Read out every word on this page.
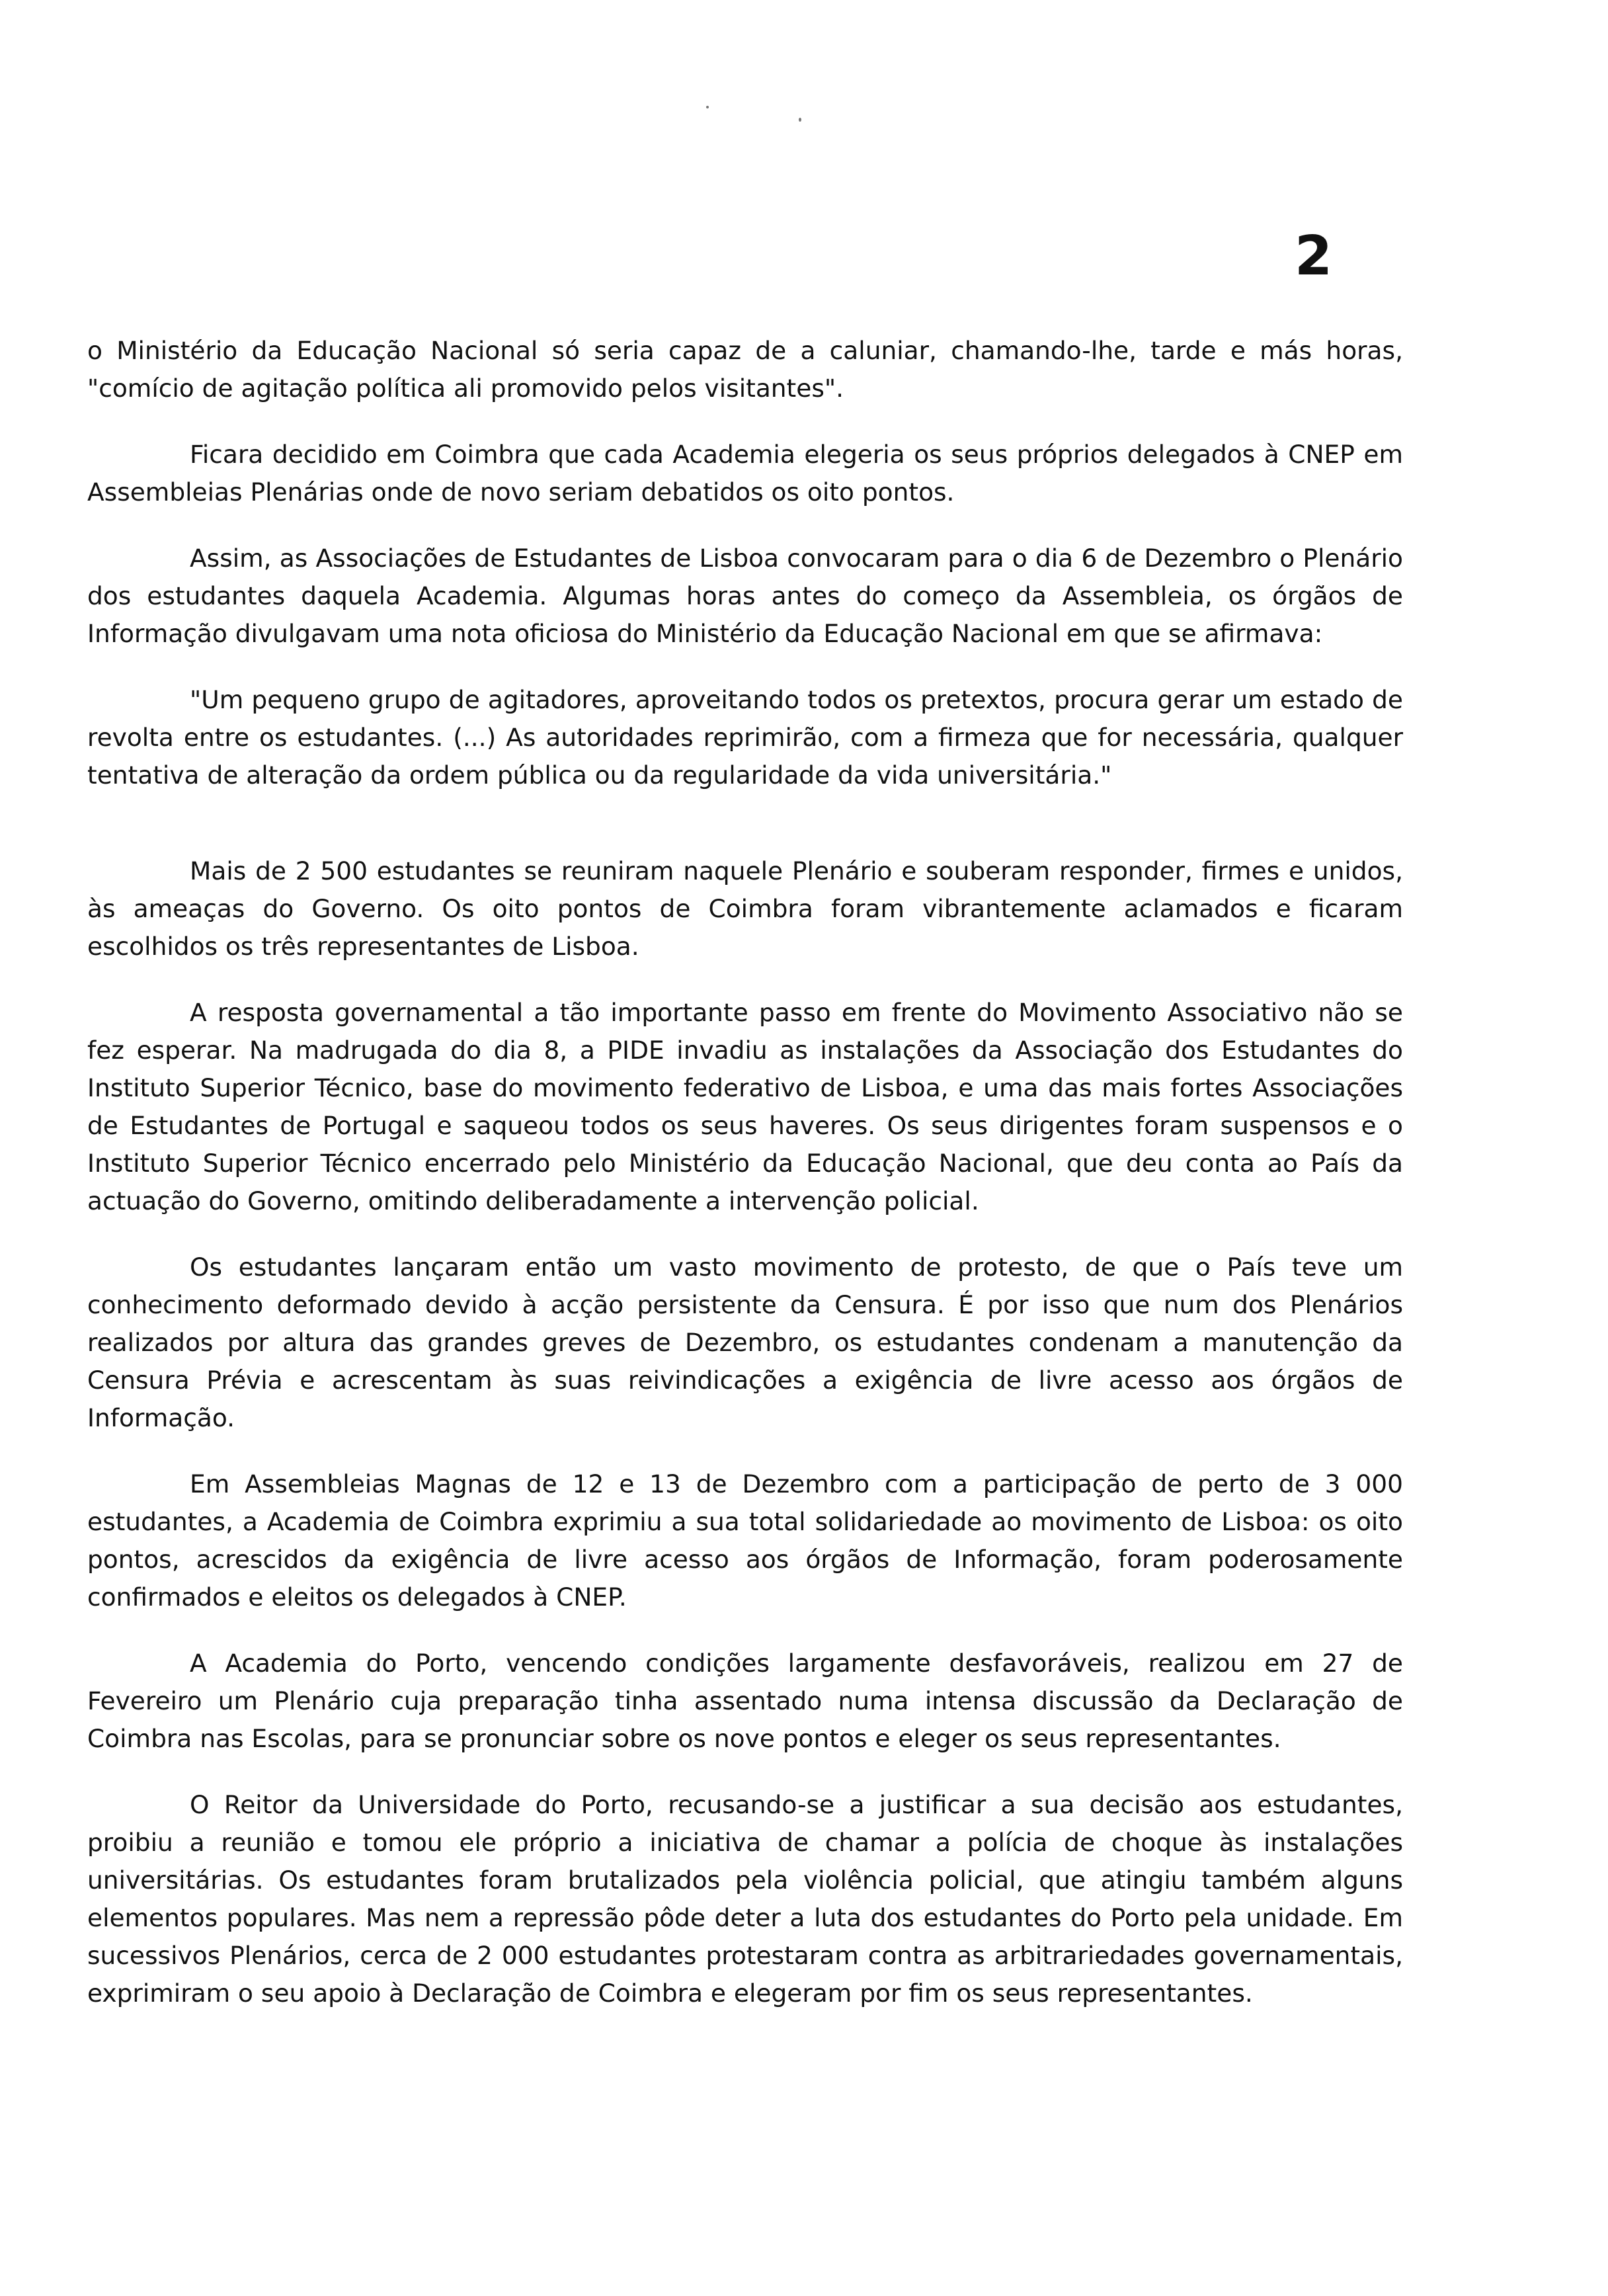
2

o Ministério da Educação Nacional só seria capaz de a caluniar, chamando-lhe, tarde e más horas, "comício de agitação política ali promovido pelos visitantes".

Ficara decidido em Coimbra que cada Academia elegeria os seus próprios delegados à CNEP em Assembleias Plenárias onde de novo seriam debatidos os oito pontos.

Assim, as Associações de Estudantes de Lisboa convocaram para o dia 6 de Dezembro o Plenário dos estudantes daquela Academia. Algumas horas antes do começo da Assembleia, os órgãos de Informação divulgavam uma nota oficiosa do Ministério da Educação Nacional em que se afirmava:

"Um pequeno grupo de agitadores, aproveitando todos os pretextos, procura gerar um estado de revolta entre os estudantes. (...) As autoridades reprimirão, com a firmeza que for necessária, qualquer tentativa de alteração da ordem pública ou da regularidade da vida universitária."

Mais de 2 500 estudantes se reuniram naquele Plenário e souberam responder, firmes e unidos, às ameaças do Governo. Os oito pontos de Coimbra foram vibrantemente aclamados e ficaram escolhidos os três representantes de Lisboa.

A resposta governamental a tão importante passo em frente do Movimento Associativo não se fez esperar. Na madrugada do dia 8, a PIDE invadiu as instalações da Associação dos Estudantes do Instituto Superior Técnico, base do movimento federativo de Lisboa, e uma das mais fortes Associações de Estudantes de Portugal e saqueou todos os seus haveres. Os seus dirigentes foram suspensos e o Instituto Superior Técnico encerrado pelo Ministério da Educação Nacional, que deu conta ao País da actuação do Governo, omitindo deliberadamente a intervenção policial.

Os estudantes lançaram então um vasto movimento de protesto, de que o País teve um conhecimento deformado devido à acção persistente da Censura. É por isso que num dos Plenários realizados por altura das grandes greves de Dezembro, os estudantes condenam a manutenção da Censura Prévia e acrescentam às suas reivindicações a exigência de livre acesso aos órgãos de Informação.

Em Assembleias Magnas de 12 e 13 de Dezembro com a participação de perto de 3 000 estudantes, a Academia de Coimbra exprimiu a sua total solidariedade ao movimento de Lisboa: os oito pontos, acrescidos da exigência de livre acesso aos órgãos de Informação, foram poderosamente confirmados e eleitos os delegados à CNEP.

A Academia do Porto, vencendo condições largamente desfavoráveis, realizou em 27 de Fevereiro um Plenário cuja preparação tinha assentado numa intensa discussão da Declaração de Coimbra nas Escolas, para se pronunciar sobre os nove pontos e eleger os seus representantes.

O Reitor da Universidade do Porto, recusando-se a justificar a sua decisão aos estudantes, proibiu a reunião e tomou ele próprio a iniciativa de chamar a polícia de choque às instalações universitárias. Os estudantes foram brutalizados pela violência policial, que atingiu também alguns elementos populares. Mas nem a repressão pôde deter a luta dos estudantes do Porto pela unidade. Em sucessivos Plenários, cerca de 2 000 estudantes protestaram contra as arbitrariedades governamentais, exprimiram o seu apoio à Declaração de Coimbra e elegeram por fim os seus representantes.
